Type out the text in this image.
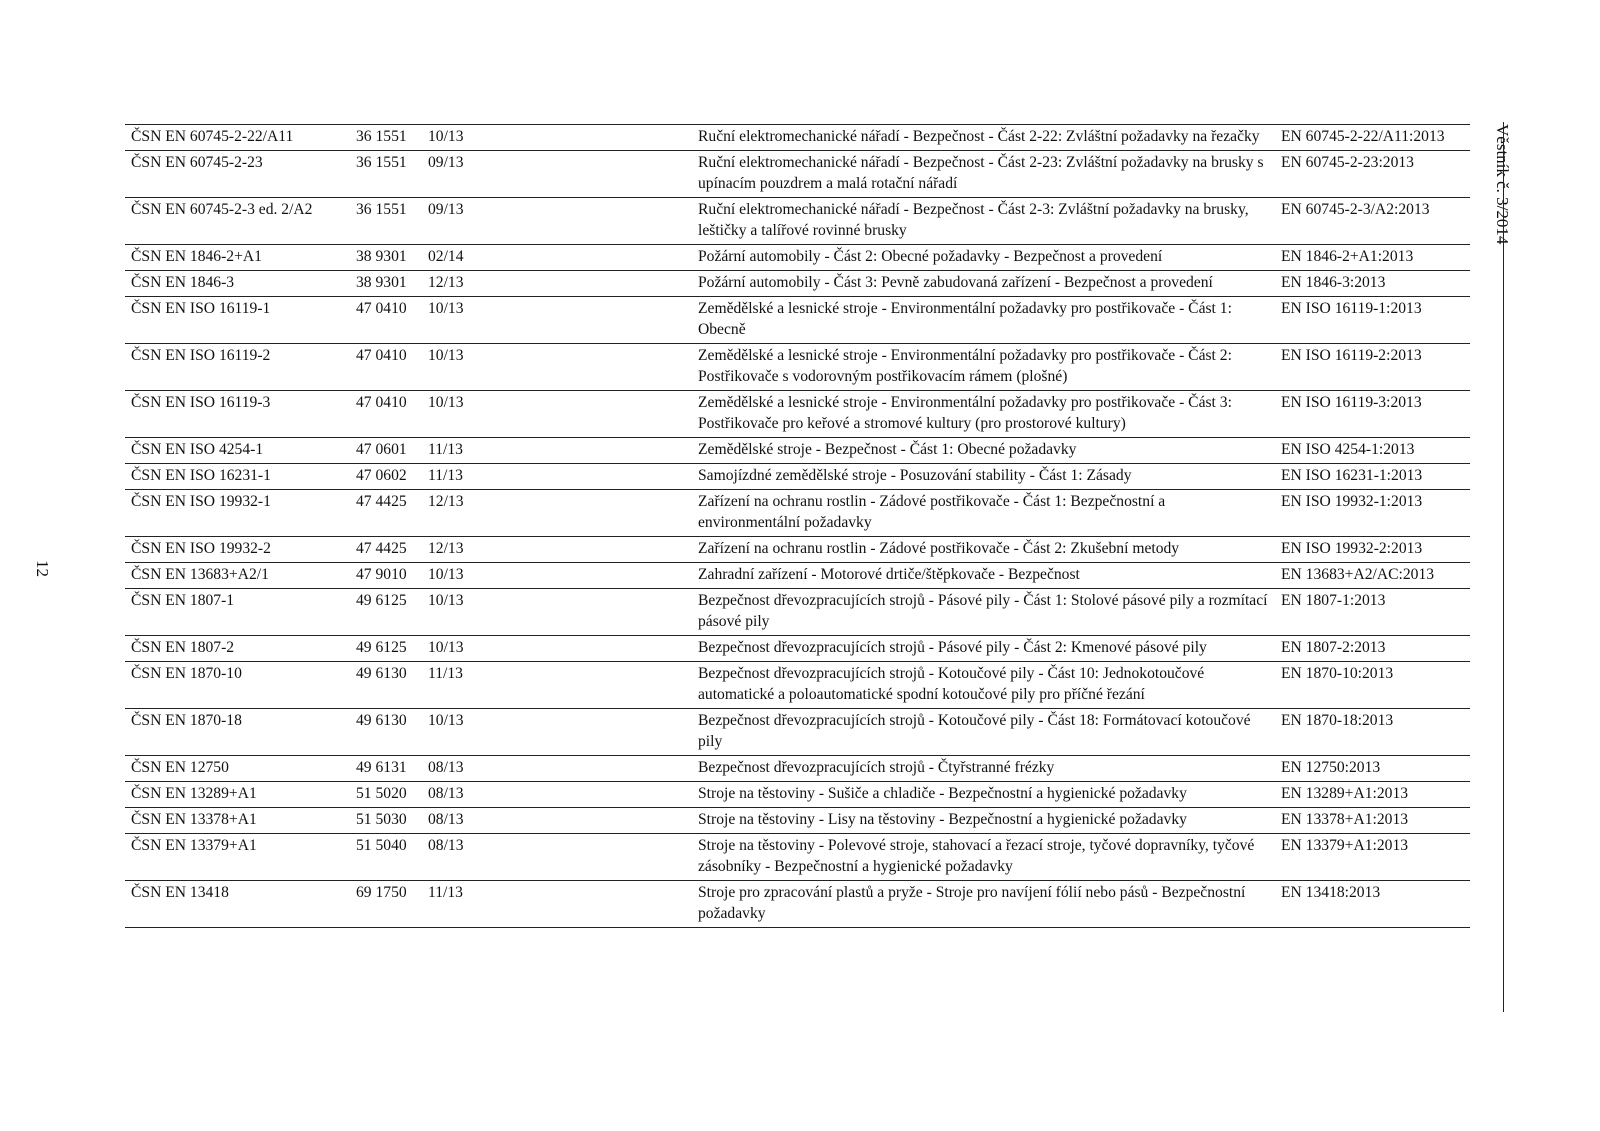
12
Věstník č. 3/2014
ČSN EN 60745-2-22/A11	36 1551	10/13	Ruční elektromechanické nářadí - Bezpečnost - Část 2-22: Zvláštní požadavky na řezačky	EN 60745-2-22/A11:2013
ČSN EN 60745-2-23	36 1551	09/13	Ruční elektromechanické nářadí - Bezpečnost - Část 2-23: Zvláštní požadavky na brusky s upínacím pouzdrem a malá rotační nářadí	EN 60745-2-23:2013
ČSN EN 60745-2-3 ed. 2/A2	36 1551	09/13	Ruční elektromechanické nářadí - Bezpečnost - Část 2-3: Zvláštní požadavky na brusky, leštičky a talířové rovinné brusky	EN 60745-2-3/A2:2013
ČSN EN 1846-2+A1	38 9301	02/14	Požární automobily - Část 2: Obecné požadavky - Bezpečnost a provedení	EN 1846-2+A1:2013
ČSN EN 1846-3	38 9301	12/13	Požární automobily - Část 3: Pevně zabudovaná zařízení - Bezpečnost a provedení	EN 1846-3:2013
ČSN EN ISO 16119-1	47 0410	10/13	Zemědělské a lesnické stroje - Environmentální požadavky pro postřikovače - Část 1: Obecně	EN ISO 16119-1:2013
ČSN EN ISO 16119-2	47 0410	10/13	Zemědělské a lesnické stroje - Environmentální požadavky pro postřikovače - Část 2: Postřikovače s vodorovným postřikovacím rámem (plošné)	EN ISO 16119-2:2013
ČSN EN ISO 16119-3	47 0410	10/13	Zemědělské a lesnické stroje - Environmentální požadavky pro postřikovače - Část 3: Postřikovače pro keřové a stromové kultury (pro prostorové kultury)	EN ISO 16119-3:2013
ČSN EN ISO 4254-1	47 0601	11/13	Zemědělské stroje - Bezpečnost - Část 1: Obecné požadavky	EN ISO 4254-1:2013
ČSN EN ISO 16231-1	47 0602	11/13	Samojízdné zemědělské stroje - Posuzování stability - Část 1: Zásady	EN ISO 16231-1:2013
ČSN EN ISO 19932-1	47 4425	12/13	Zařízení na ochranu rostlin - Zádové postřikovače - Část 1: Bezpečnostní a environmentální požadavky	EN ISO 19932-1:2013
ČSN EN ISO 19932-2	47 4425	12/13	Zařízení na ochranu rostlin - Zádové postřikovače - Část 2: Zkušební metody	EN ISO 19932-2:2013
ČSN EN 13683+A2/1	47 9010	10/13	Zahradní zařízení - Motorové drtiče/štěpkovače - Bezpečnost	EN 13683+A2/AC:2013
ČSN EN 1807-1	49 6125	10/13	Bezpečnost dřevozpracujících strojů - Pásové pily - Část 1: Stolové pásové pily a rozmítací pásové pily	EN 1807-1:2013
ČSN EN 1807-2	49 6125	10/13	Bezpečnost dřevozpracujících strojů - Pásové pily - Část 2: Kmenové pásové pily	EN 1807-2:2013
ČSN EN 1870-10	49 6130	11/13	Bezpečnost dřevozpracujících strojů - Kotoučové pily - Část 10: Jednokotoučové automatické a poloautomatické spodní kotoučové pily pro příčné řezání	EN 1870-10:2013
ČSN EN 1870-18	49 6130	10/13	Bezpečnost dřevozpracujících strojů - Kotoučové pily - Část 18: Formátovací kotoučové pily	EN 1870-18:2013
ČSN EN 12750	49 6131	08/13	Bezpečnost dřevozpracujících strojů - Čtyřstranné frézky	EN 12750:2013
ČSN EN 13289+A1	51 5020	08/13	Stroje na těstoviny - Sušiče a chladiče - Bezpečnostní a hygienické požadavky	EN 13289+A1:2013
ČSN EN 13378+A1	51 5030	08/13	Stroje na těstoviny - Lisy na těstoviny - Bezpečnostní a hygienické požadavky	EN 13378+A1:2013
ČSN EN 13379+A1	51 5040	08/13	Stroje na těstoviny - Polevové stroje, stahovací a řezací stroje, tyčové dopravníky, tyčové zásobníky - Bezpečnostní a hygienické požadavky	EN 13379+A1:2013
ČSN EN 13418	69 1750	11/13	Stroje pro zpracování plastů a pryže - Stroje pro navíjení fólií nebo pásů - Bezpečnostní požadavky	EN 13418:2013
